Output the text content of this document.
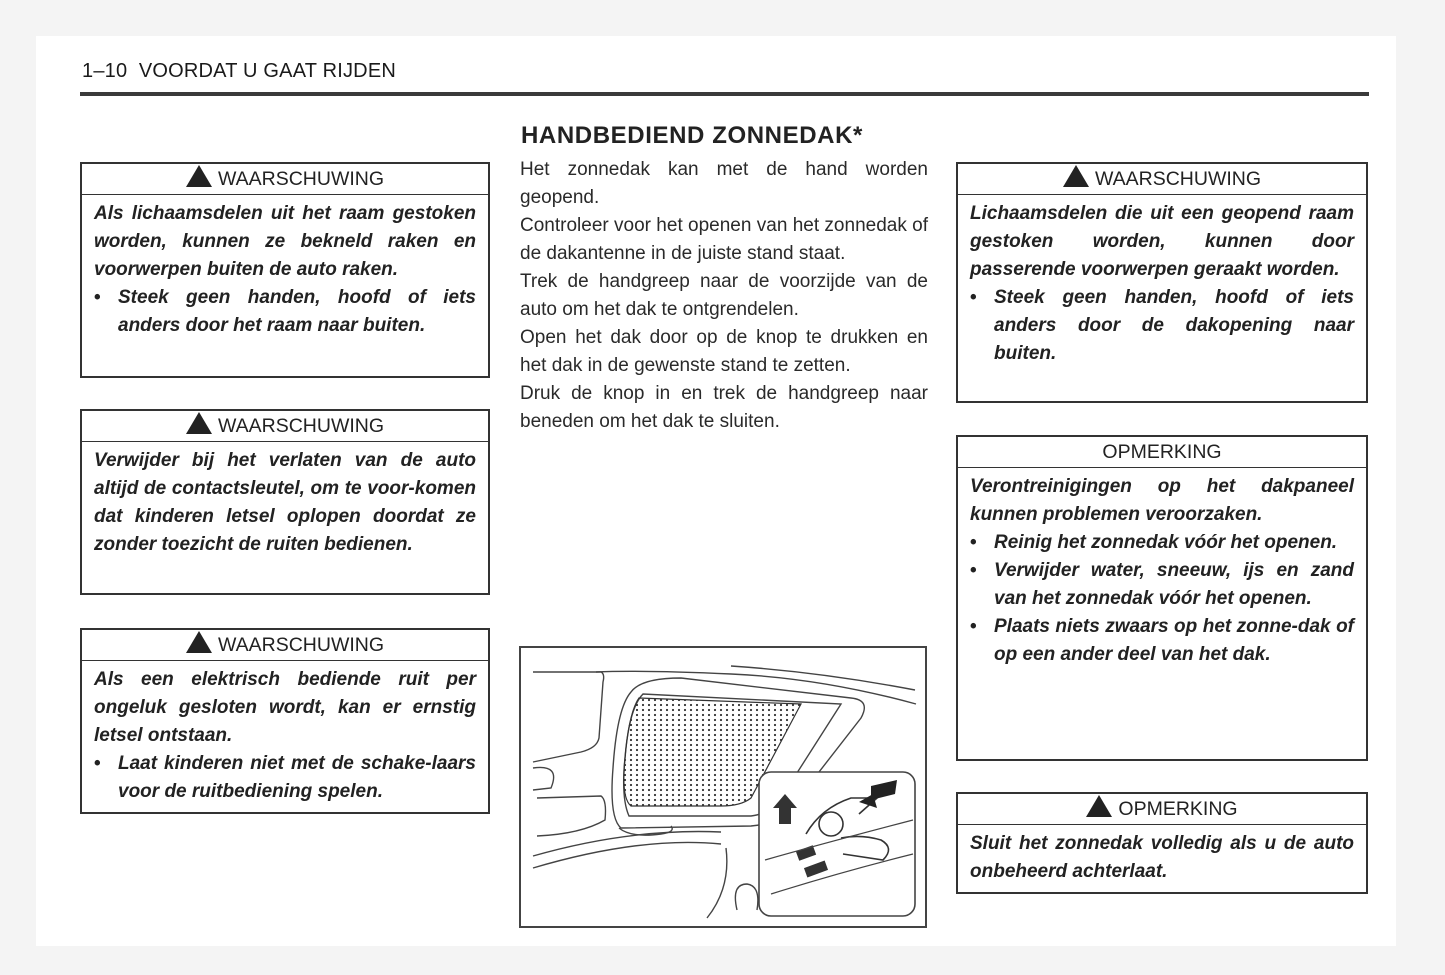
1–10 VOORDAT U GAAT RIJDEN
WAARSCHUWING

Als lichaamsdelen uit het raam gestoken worden, kunnen ze bekneld raken en voorwerpen buiten de auto raken.

• Steek geen handen, hoofd of iets anders door het raam naar buiten.

WAARSCHUWING

Verwijder bij het verlaten van de auto altijd de contactsleutel, om te voor-komen dat kinderen letsel oplopen doordat ze zonder toezicht de ruiten bedienen.

WAARSCHUWING

Als een elektrisch bediende ruit per ongeluk gesloten wordt, kan er ernstig letsel ontstaan.

• Laat kinderen niet met de schake-laars voor de ruitbediening spelen.

HANDBEDIEND ZONNEDAK*

Het zonnedak kan met de hand worden geopend.

Controleer voor het openen van het zonnedak of de dakantenne in de juiste stand staat.

Trek de handgreep naar de voorzijde van de auto om het dak te ontgrendelen.

Open het dak door op de knop te drukken en het dak in de gewenste stand te zetten.

Druk de knop in en trek de handgreep naar beneden om het dak te sluiten.

WAARSCHUWING

Lichaamsdelen die uit een geopend raam gestoken worden, kunnen door passerende voorwerpen geraakt worden.

• Steek geen handen, hoofd of iets anders door de dakopening naar buiten.

OPMERKING

Verontreinigingen op het dakpaneel kunnen problemen veroorzaken.

• Reinig het zonnedak vóór het openen.

• Verwijder water, sneeuw, ijs en zand van het zonnedak vóór het openen.

• Plaats niets zwaars op het zonne-dak of op een ander deel van het dak.

OPMERKING

Sluit het zonnedak volledig als u de auto onbeheerd achterlaat.
